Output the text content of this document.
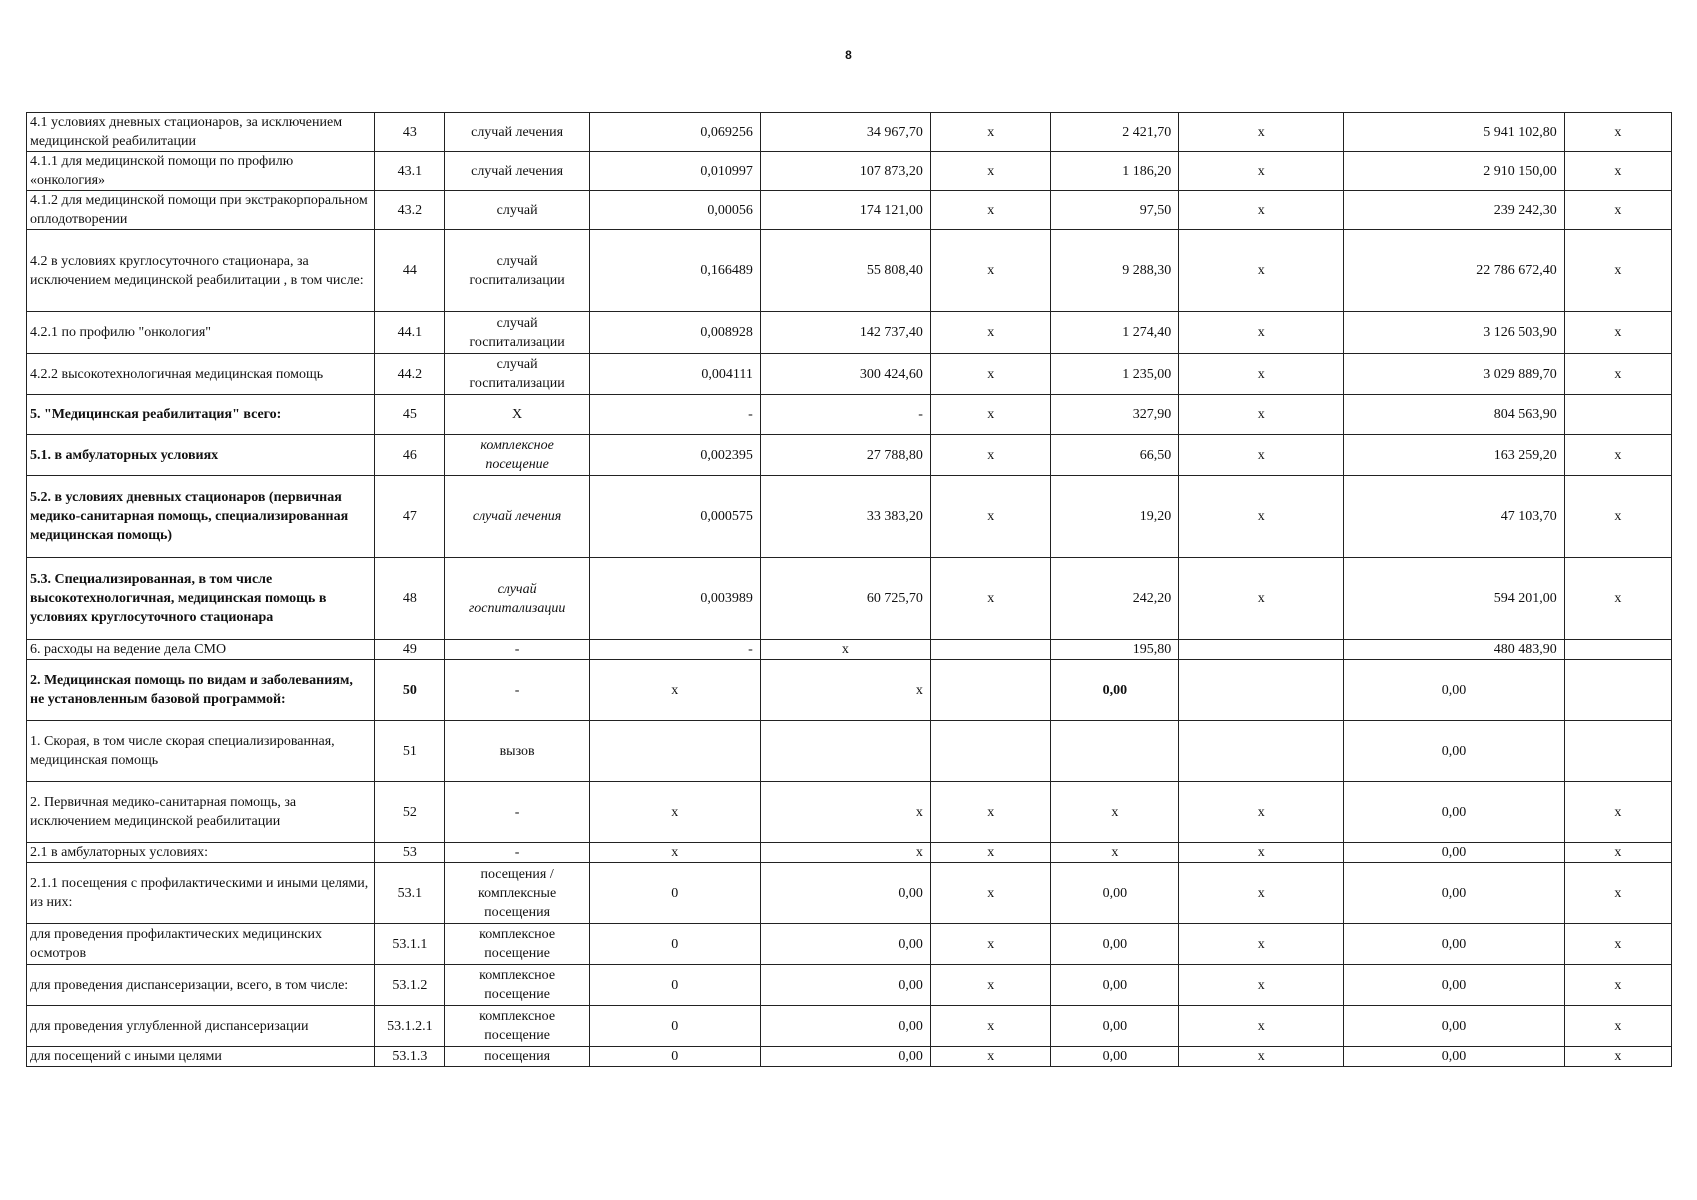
8
4.1 условиях дневных стационаров, за исключением медицинской реабилитации	43	случай лечения	0,069256	34 967,70	х	2 421,70	х	5 941 102,80	х
4.1.1 для медицинской помощи по профилю «онкология»	43.1	случай лечения	0,010997	107 873,20	х	1 186,20	х	2 910 150,00	х
4.1.2 для медицинской помощи при экстракорпоральном оплодотворении	43.2	случай	0,00056	174 121,00	х	97,50	х	239 242,30	х
4.2 в условиях круглосуточного стационара, за исключением медицинской реабилитации , в том числе:	44	случай госпитализации	0,166489	55 808,40	х	9 288,30	х	22 786 672,40	х
4.2.1 по профилю "онкология"	44.1	случай госпитализации	0,008928	142 737,40	х	1 274,40	х	3 126 503,90	х
4.2.2 высокотехнологичная медицинская помощь	44.2	случай госпитализации	0,004111	300 424,60	х	1 235,00	х	3 029 889,70	х
5. "Медицинская реабилитация" всего:	45	Х	-	-	х	327,90	х	804 563,90	
5.1. в амбулаторных условиях	46	комплексное посещение	0,002395	27 788,80	х	66,50	х	163 259,20	х
5.2. в условиях дневных стационаров (первичная медико-санитарная помощь, специализированная медицинская помощь)	47	случай лечения	0,000575	33 383,20	х	19,20	х	47 103,70	х
5.3. Специализированная, в том числе высокотехнологичная, медицинская помощь в условиях круглосуточного стационара	48	случай госпитализации	0,003989	60 725,70	х	242,20	х	594 201,00	х
6. расходы на ведение дела СМО	49	-	-	х		195,80		480 483,90	
2. Медицинская помощь по видам и заболеваниям, не установленным базовой программой:	50	-	х	х		0,00		0,00	
1. Скорая, в том числе скорая специализированная, медицинская помощь	51	вызов						0,00	
2. Первичная медико-санитарная помощь, за исключением медицинской реабилитации	52	-	х	х	х	х	х	0,00	х
2.1 в амбулаторных условиях:	53	-	х	х	х	х	х	0,00	х
2.1.1 посещения с профилактическими и иными целями, из них:	53.1	посещения / комплексные посещения	0	0,00	х	0,00	х	0,00	х
для проведения профилактических медицинских осмотров	53.1.1	комплексное посещение	0	0,00	х	0,00	х	0,00	х
для проведения диспансеризации, всего, в том числе:	53.1.2	комплексное посещение	0	0,00	х	0,00	х	0,00	х
для проведения углубленной диспансеризации	53.1.2.1	комплексное посещение	0	0,00	х	0,00	х	0,00	х
для посещений с иными целями	53.1.3	посещения	0	0,00	х	0,00	х	0,00	х
